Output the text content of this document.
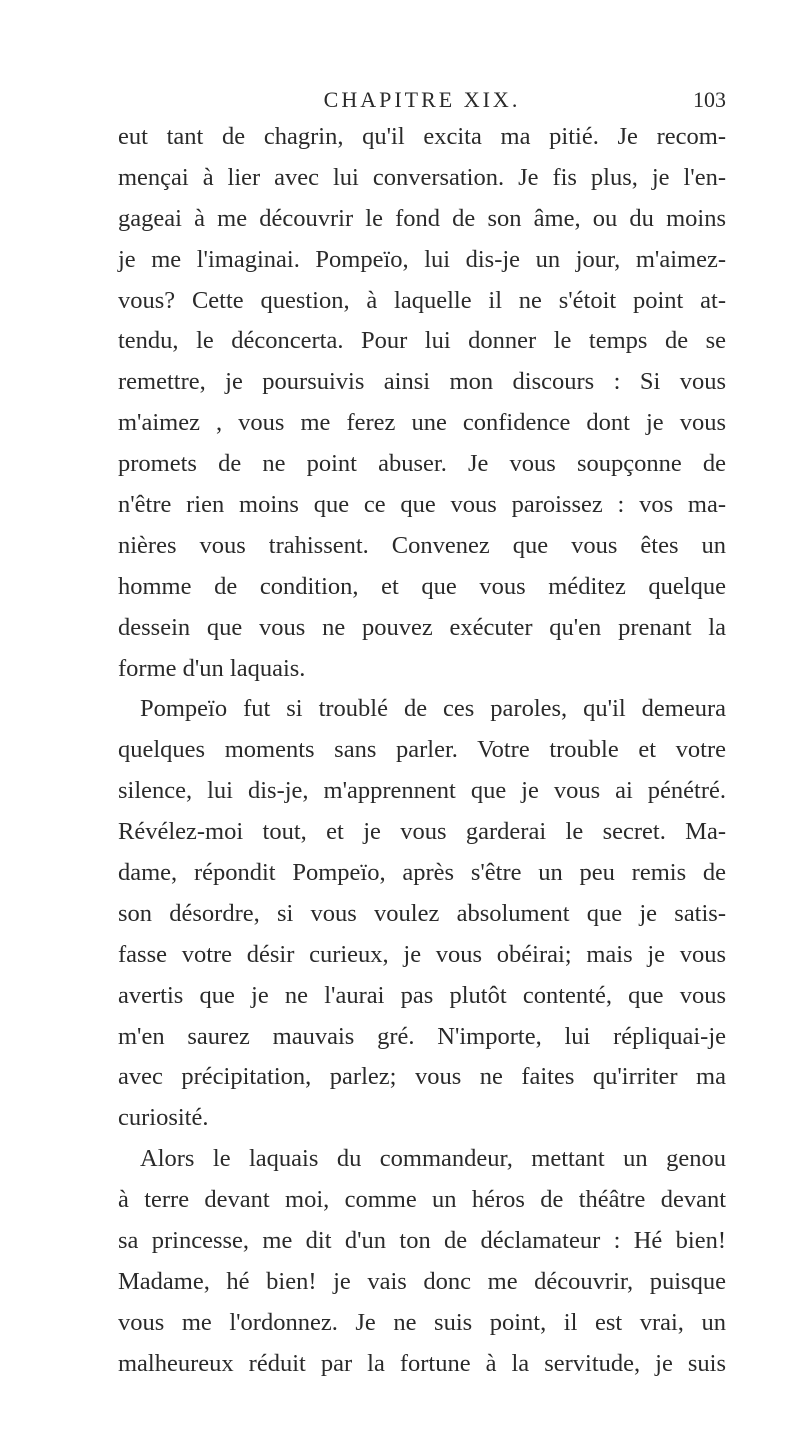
CHAPITRE XIX.	103
eut tant de chagrin, qu'il excita ma pitié. Je recom-
mençai à lier avec lui conversation. Je fis plus, je l'en-
gageai à me découvrir le fond de son âme, ou du moins
je me l'imaginai. Pompeïo, lui dis-je un jour, m'aimez-
vous? Cette question, à laquelle il ne s'étoit point at-
tendu, le déconcerta. Pour lui donner le temps de se
remettre, je poursuivis ainsi mon discours : Si vous
m'aimez , vous me ferez une confidence dont je vous
promets de ne point abuser. Je vous soupçonne de
n'être rien moins que ce que vous paroissez : vos ma-
nières vous trahissent. Convenez que vous êtes un
homme de condition, et que vous méditez quelque
dessein que vous ne pouvez exécuter qu'en prenant la
forme d'un laquais.
Pompeïo fut si troublé de ces paroles, qu'il demeura
quelques moments sans parler. Votre trouble et votre
silence, lui dis-je, m'apprennent que je vous ai pénétré.
Révélez-moi tout, et je vous garderai le secret. Ma-
dame, répondit Pompeïo, après s'être un peu remis de
son désordre, si vous voulez absolument que je satis-
fasse votre désir curieux, je vous obéirai; mais je vous
avertis que je ne l'aurai pas plutôt contenté, que vous
m'en saurez mauvais gré. N'importe, lui répliquai-je
avec précipitation, parlez; vous ne faites qu'irriter ma
curiosité.
Alors le laquais du commandeur, mettant un genou
à terre devant moi, comme un héros de théâtre devant
sa princesse, me dit d'un ton de déclamateur : Hé bien!
Madame, hé bien! je vais donc me découvrir, puisque
vous me l'ordonnez. Je ne suis point, il est vrai, un
malheureux réduit par la fortune à la servitude, je suis
